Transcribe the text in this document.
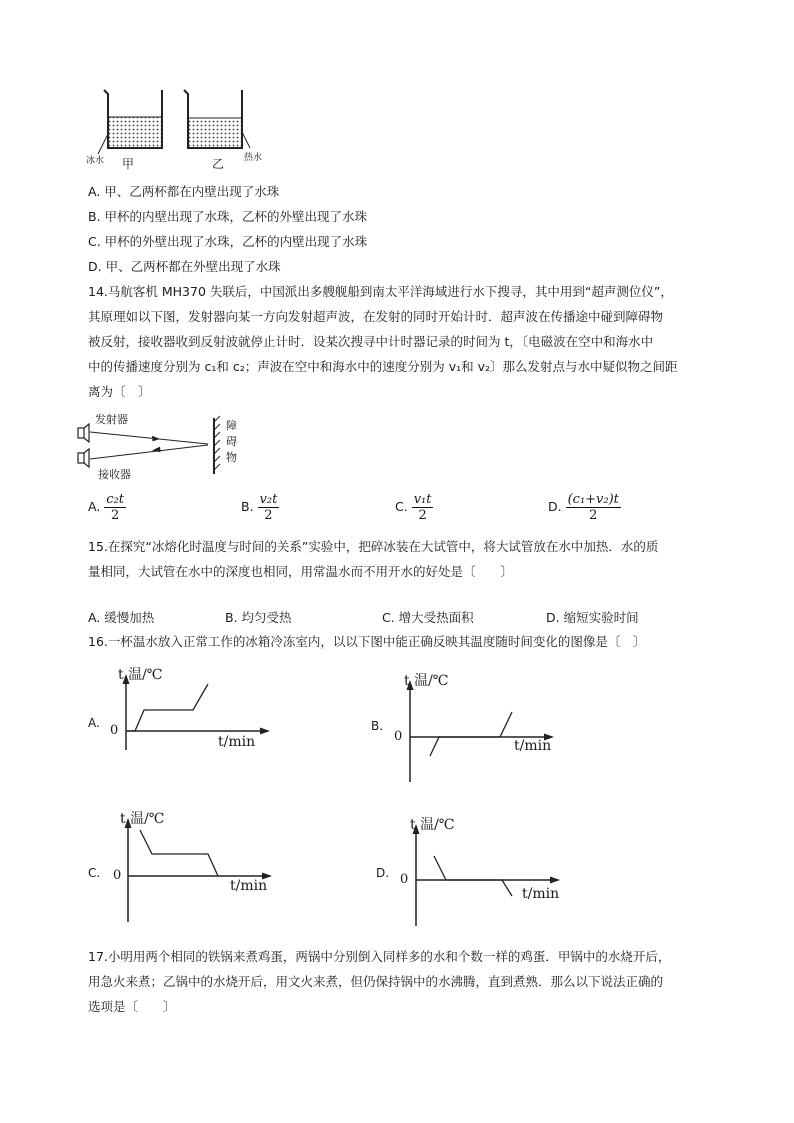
冰水 甲	乙 热水
A. 甲、乙两杯都在内壁出现了水珠
B. 甲杯的内壁出现了水珠，乙杯的外壁出现了水珠
C. 甲杯的外壁出现了水珠，乙杯的内壁出现了水珠
D. 甲、乙两杯都在外壁出现了水珠
14.马航客机 MH370 失联后，中国派出多艘舰船到南太平洋海域进行水下搜寻，其中用到“超声测位仪”，
其原理如以下图，发射器向某一方向发射超声波，在发射的同时开始计时．超声波在传播途中碰到障碍物
被反射，接收器收到反射波就停止计时．设某次搜寻中计时器记录的时间为 t，〔电磁波在空中和海水中
中的传播速度分别为 c₁和 c₂；声波在空中和海水中的速度分别为 v₁和 v₂〕那么发射点与水中疑似物之间距
离为〔　〕
发射器
接收器
障
碍
物
A. $\frac{\text{c₂t}}{2}$	B. $\frac{\text{v₂t}}{2}$	C. $\frac{\text{v₁t}}{2}$	D. $\frac{\text{(c₁+v₂)t}}{2}$
15.在探究“冰熔化时温度与时间的关系”实验中，把碎冰装在大试管中，将大试管放在水中加热．水的质
量相同，大试管在水中的深度也相同，用常温水而不用开水的好处是〔　　〕
A. 缓慢加热	B. 均匀受热	C. 增大受热面积	D. 缩短实验时间
16.一杯温水放入正常工作的冰箱冷冻室内，以以下图中能正确反映其温度随时间变化的图像是〔　〕
A.
t 温/℃
t/min
0	B.
t 温/℃
t/min
0
C.
t 温/℃
t/min
0	D.
t 温/℃
t/min
0
17.小明用两个相同的铁锅来煮鸡蛋，两锅中分别倒入同样多的水和个数一样的鸡蛋．甲锅中的水烧开后，
用急火来煮；乙锅中的水烧开后，用文火来煮，但仍保持锅中的水沸腾，直到煮熟．那么以下说法正确的
选项是〔　　〕
